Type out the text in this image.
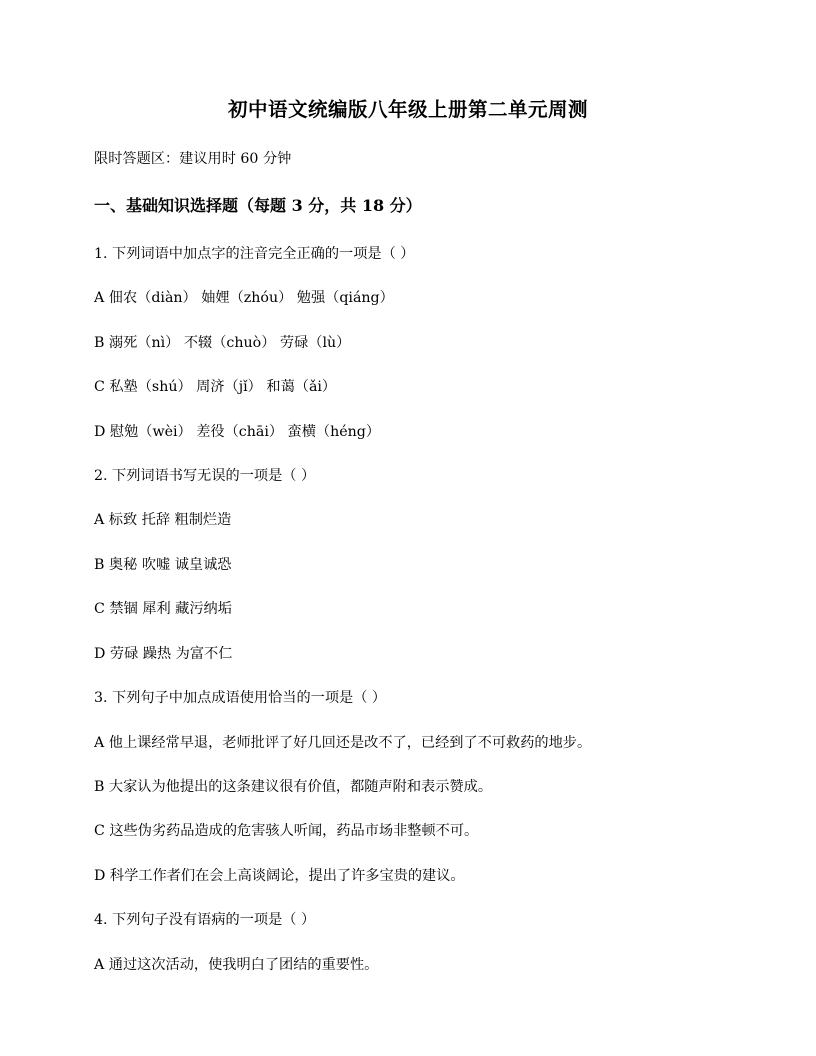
初中语文统编版八年级上册第二单元周测
限时答题区：建议用时 60 分钟
一、基础知识选择题（每题 3 分，共 18 分）
1. 下列词语中加点字的注音完全正确的一项是（ ）
A 佃农（diàn） 妯娌（zhóu） 勉强（qiáng）
B 溺死（nì） 不辍（chuò） 劳碌（lù）
C 私塾（shú） 周济（jǐ） 和蔼（ǎi）
D 慰勉（wèi） 差役（chāi） 蛮横（héng）
2. 下列词语书写无误的一项是（ ）
A 标致 托辞 粗制烂造
B 奥秘 吹嘘 诚皇诚恐
C 禁锢 犀利 藏污纳垢
D 劳碌 躁热 为富不仁
3. 下列句子中加点成语使用恰当的一项是（ ）
A 他上课经常早退，老师批评了好几回还是改不了，已经到了不可救药的地步。
B 大家认为他提出的这条建议很有价值，都随声附和表示赞成。
C 这些伪劣药品造成的危害骇人听闻，药品市场非整顿不可。
D 科学工作者们在会上高谈阔论，提出了许多宝贵的建议。
4. 下列句子没有语病的一项是（ ）
A 通过这次活动，使我明白了团结的重要性。
